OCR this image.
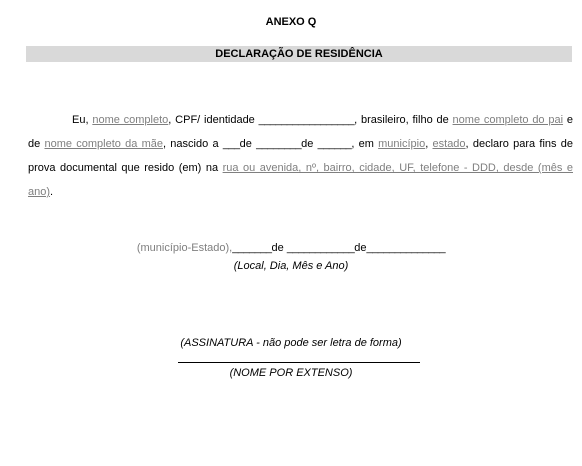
ANEXO Q
DECLARAÇÃO DE RESIDÊNCIA
Eu, nome completo, CPF/ identidade _________________, brasileiro, filho de nome completo do pai e de nome completo da mãe, nascido a ___de ________de ______, em município, estado, declaro para fins de prova documental que resido (em) na rua ou avenida, nº, bairro, cidade, UF, telefone - DDD, desde (mês e ano).
(município-Estado),_______de ____________de______________
(Local, Dia, Mês e Ano)
(ASSINATURA - não pode ser letra de forma)
(NOME POR EXTENSO)
